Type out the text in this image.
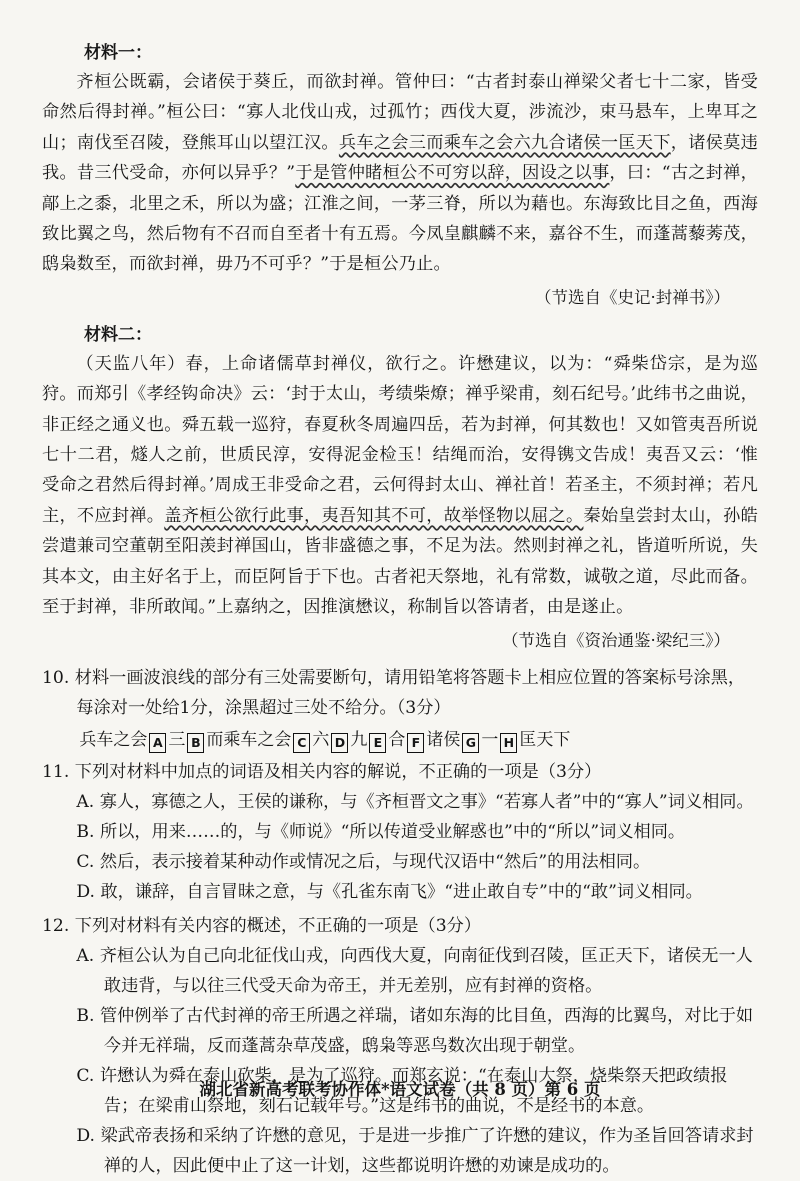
材料一：

齐桓公既霸，会诸侯于葵丘，而欲封禅。管仲曰：“古者封泰山禅梁父者七十二家，皆受命然后得封禅。”桓公曰：“寡人北伐山戎，过孤竹；西伐大夏，涉流沙，束马悬车，上卑耳之山；南伐至召陵，登熊耳山以望江汉。兵车之会三而乘车之会六九合诸侯一匡天下，诸侯莫违我。昔三代受命，亦何以异乎？”于是管仲睹桓公不可穷以辞，因设之以事，曰：“古之封禅，鄗上之黍，北里之禾，所以为盛；江淮之间，一茅三脊，所以为藉也。东海致比目之鱼，西海致比翼之鸟，然后物有不召而自至者十有五焉。今凤皇麒麟不来，嘉谷不生，而蓬蒿藜莠茂，鸱枭数至，而欲封禅，毋乃不可乎？”于是桓公乃止。

（节选自《史记·封禅书》）
材料二：

（天监八年）春，上命诸儒草封禅仪，欲行之。许懋建议，以为：“舜柴岱宗，是为巡狩。而郑引《孝经钩命决》云：‘封于太山，考绩柴燎；禅乎梁甫，刻石纪号。’此纬书之曲说，非正经之通义也。舜五载一巡狩，春夏秋冬周遍四岳，若为封禅，何其数也！又如管夷吾所说七十二君，燧人之前，世质民淳，安得泥金检玉！结绳而治，安得镌文告成！夷吾又云：‘惟受命之君然后得封禅。’周成王非受命之君，云何得封太山、禅社首！若圣主，不须封禅；若凡主，不应封禅。盖齐桓公欲行此事，夷吾知其不可，故举怪物以屈之。秦始皇尝封太山，孙皓尝遣兼司空董朝至阳羡封禅国山，皆非盛德之事，不足为法。然则封禅之礼，皆道听所说，失其本文，由主好名于上，而臣阿旨于下也。古者祀天祭地，礼有常数，诚敬之道，尽此而备。至于封禅，非所敢闻。”上嘉纳之，因推演懋议，称制旨以答请者，由是遂止。

（节选自《资治通鉴·梁纪三》）

10. 材料一画波浪线的部分有三处需要断句，请用铅笔将答题卡上相应位置的答案标号涂黑，每涂对一处给1分，涂黑超过三处不给分。（3分）

兵车之会 A 三 B 而乘车之会 C 六 D 九 E 合 F 诸侯 G 一 H 匡天下

11. 下列对材料中加点的词语及相关内容的解说，不正确的一项是（3分）

A. 寡人，寡德之人，王侯的谦称，与《齐桓晋文之事》“若寡人者”中的“寡人”词义相同。

B. 所以，用来……的，与《师说》“所以传道受业解惑也”中的“所以”词义相同。

C. 然后，表示接着某种动作或情况之后，与现代汉语中“然后”的用法相同。

D. 敢，谦辞，自言冒昧之意，与《孔雀东南飞》“进止敢自专”中的“敢”词义相同。

12. 下列对材料有关内容的概述，不正确的一项是（3分）

A. 齐桓公认为自己向北征伐山戎，向西伐大夏，向南征伐到召陵，匡正天下，诸侯无一人敢违背，与以往三代受天命为帝王，并无差别，应有封禅的资格。

B. 管仲例举了古代封禅的帝王所遇之祥瑞，诸如东海的比目鱼，西海的比翼鸟，对比于如今并无祥瑞，反而蓬蒿杂草茂盛，鸱枭等恶鸟数次出现于朝堂。

C. 许懋认为舜在泰山砍柴，是为了巡狩。而郑玄说：“在泰山大祭，烧柴祭天把政绩报告；在梁甫山祭地，刻石记载年号。”这是纬书的曲说，不是经书的本意。

D. 梁武帝表扬和采纳了许懋的意见，于是进一步推广了许懋的建议，作为圣旨回答请求封禅的人，因此便中止了这一计划，这些都说明许懋的劝谏是成功的。

湖北省新高考联考协作体*语文试卷（共 8 页）第 6 页
